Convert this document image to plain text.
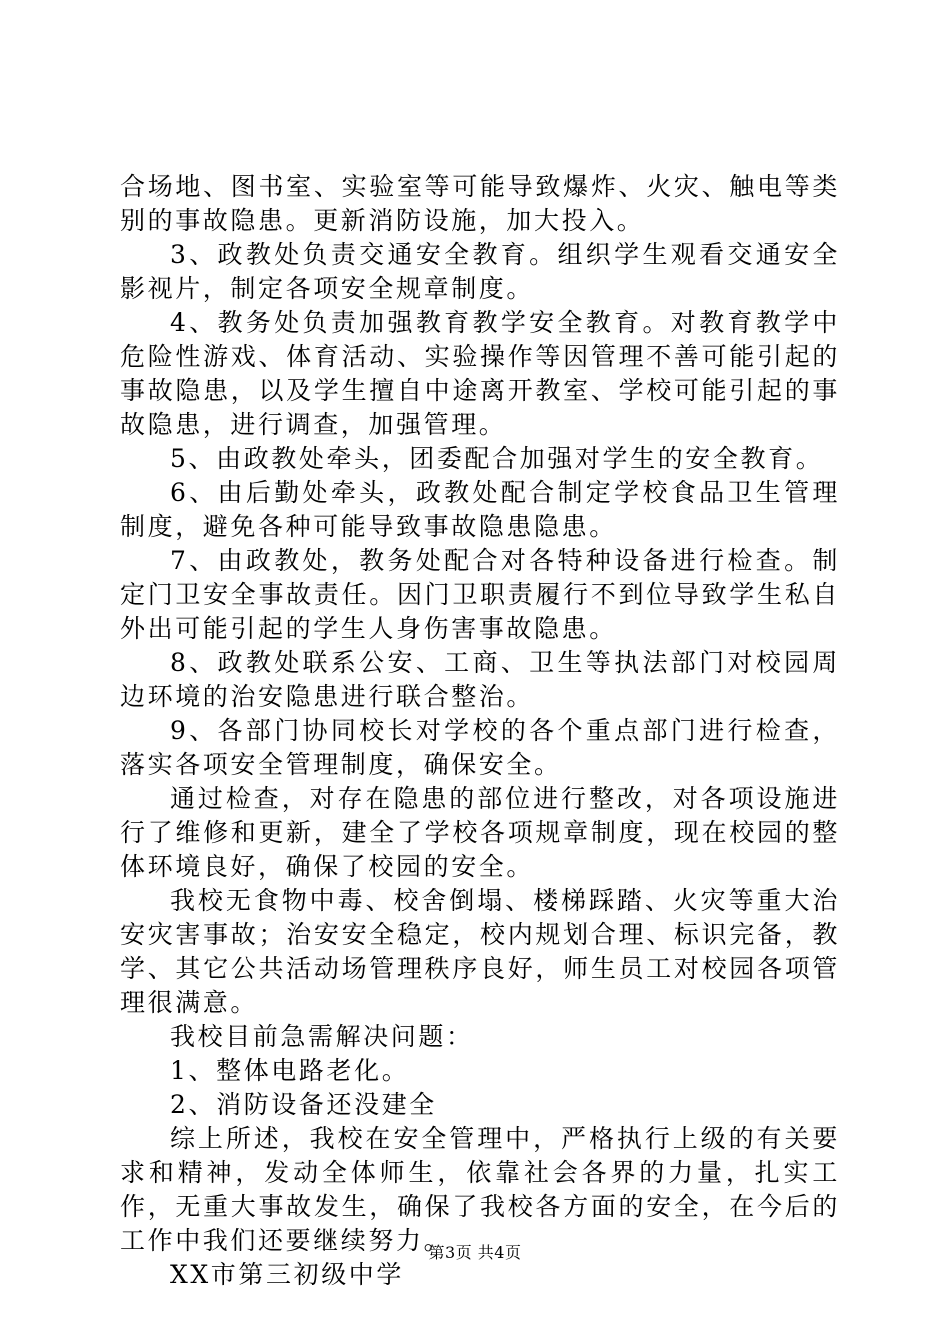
合场地、图书室、实验室等可能导致爆炸、火灾、触电等类别的事故隐患。更新消防设施，加大投入。

3、政教处负责交通安全教育。组织学生观看交通安全影视片，制定各项安全规章制度。

4、教务处负责加强教育教学安全教育。对教育教学中危险性游戏、体育活动、实验操作等因管理不善可能引起的事故隐患，以及学生擅自中途离开教室、学校可能引起的事故隐患，进行调查，加强管理。

5、由政教处牵头，团委配合加强对学生的安全教育。

6、由后勤处牵头，政教处配合制定学校食品卫生管理制度，避免各种可能导致事故隐患隐患。

7、由政教处，教务处配合对各特种设备进行检查。制定门卫安全事故责任。因门卫职责履行不到位导致学生私自外出可能引起的学生人身伤害事故隐患。

8、政教处联系公安、工商、卫生等执法部门对校园周边环境的治安隐患进行联合整治。

9、各部门协同校长对学校的各个重点部门进行检查，落实各项安全管理制度，确保安全。

通过检查，对存在隐患的部位进行整改，对各项设施进行了维修和更新，建全了学校各项规章制度，现在校园的整体环境良好，确保了校园的安全。

我校无食物中毒、校舍倒塌、楼梯踩踏、火灾等重大治安灾害事故；治安安全稳定，校内规划合理、标识完备，教学、其它公共活动场管理秩序良好，师生员工对校园各项管理很满意。

我校目前急需解决问题：

1、整体电路老化。

2、消防设备还没建全

综上所述，我校在安全管理中，严格执行上级的有关要求和精神，发动全体师生，依靠社会各界的力量，扎实工作，无重大事故发生，确保了我校各方面的安全，在今后的工作中我们还要继续努力。

XX市第三初级中学

第3页 共4页
